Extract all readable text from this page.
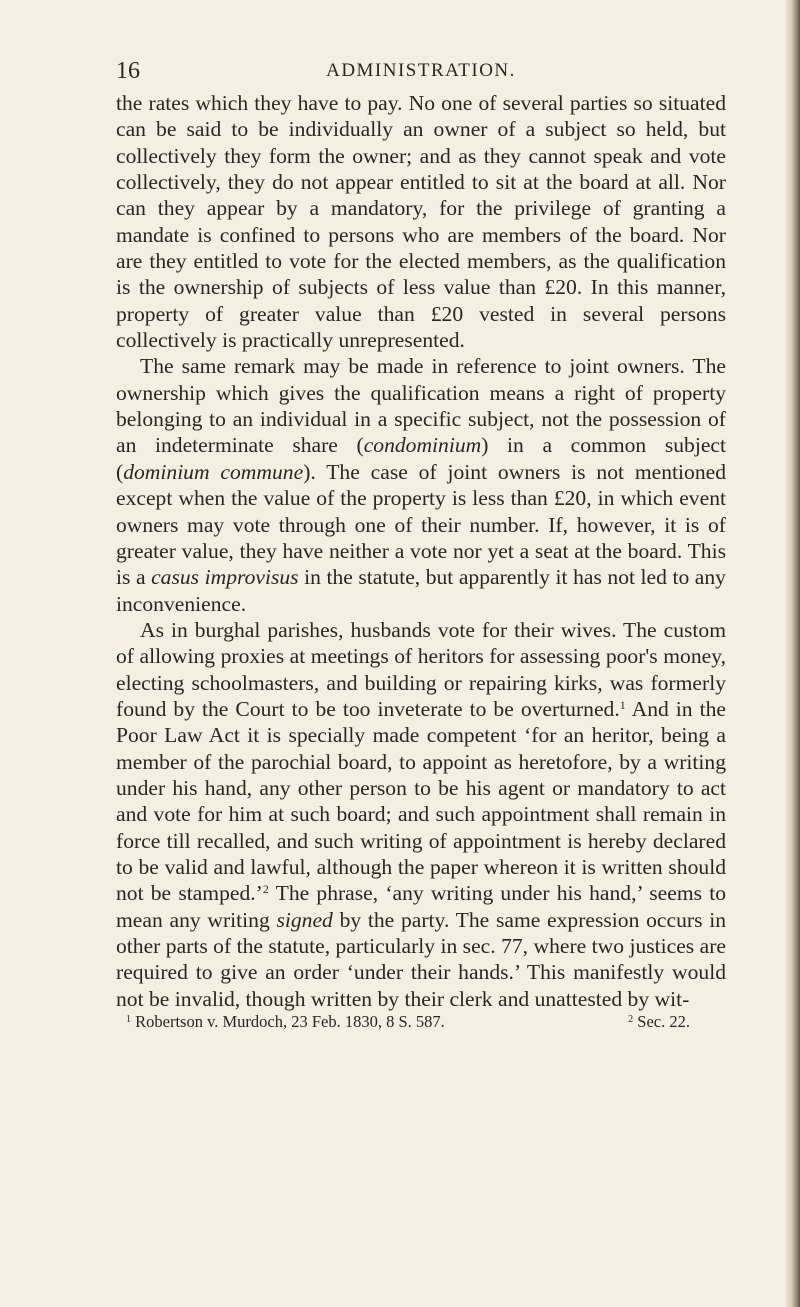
16	ADMINISTRATION.

the rates which they have to pay. No one of several parties so situated can be said to be individually an owner of a subject so held, but collectively they form the owner; and as they cannot speak and vote collectively, they do not appear entitled to sit at the board at all. Nor can they appear by a mandatory, for the privilege of granting a mandate is confined to persons who are members of the board. Nor are they entitled to vote for the elected members, as the qualification is the ownership of subjects of less value than £20. In this manner, property of greater value than £20 vested in several persons collectively is practically unrepresented.

The same remark may be made in reference to joint owners. The ownership which gives the qualification means a right of property belonging to an individual in a specific subject, not the possession of an indeterminate share (condominium) in a common subject (dominium commune). The case of joint owners is not mentioned except when the value of the property is less than £20, in which event owners may vote through one of their number. If, however, it is of greater value, they have neither a vote nor yet a seat at the board. This is a casus improvisus in the statute, but apparently it has not led to any inconvenience.

As in burghal parishes, husbands vote for their wives. The custom of allowing proxies at meetings of heritors for assessing poor's money, electing schoolmasters, and building or repairing kirks, was formerly found by the Court to be too inveterate to be overturned.$^1$ And in the Poor Law Act it is specially made competent ‘for an heritor, being a member of the parochial board, to appoint as heretofore, by a writing under his hand, any other person to be his agent or mandatory to act and vote for him at such board; and such appointment shall remain in force till recalled, and such writing of appointment is hereby declared to be valid and lawful, although the paper whereon it is written should not be stamped.’$^2$ The phrase, ‘any writing under his hand,’ seems to mean any writing signed by the party. The same expression occurs in other parts of the statute, particularly in sec. 77, where two justices are required to give an order ‘under their hands.’ This manifestly would not be invalid, though written by their clerk and unattested by wit-

$^1$ Robertson v. Murdoch, 23 Feb. 1830, 8 S. 587.	$^2$ Sec. 22.
